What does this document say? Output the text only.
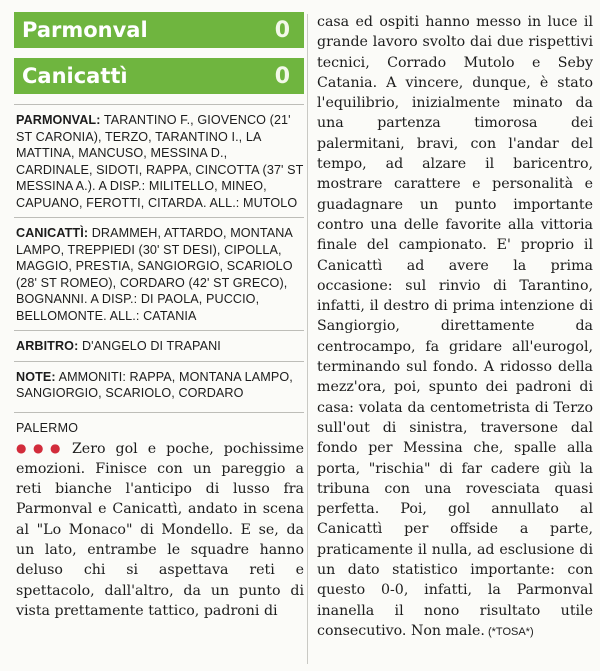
Parmonval	0
Canicattì	0
PARMONVAL: TARANTINO F., GIOVENCO (21' ST CARONIA), TERZO, TARANTINO I., LA MATTINA, MANCUSO, MESSINA D., CARDINALE, SIDOTI, RAPPA, CINCOTTA (37' ST MESSINA A.). A DISP.: MILITELLO, MINEO, CAPUANO, FEROTTI, CITARDA. ALL.: MUTOLO
CANICATTÌ: DRAMMEH, ATTARDO, MONTANA LAMPO, TREPPIEDI (30' ST DESI), CIPOLLA, MAGGIO, PRESTIA, SANGIORGIO, SCARIOLO (28' ST ROMEO), CORDARO (42' ST GRECO), BOGNANNI. A DISP.: DI PAOLA, PUCCIO, BELLOMONTE. ALL.: CATANIA
ARBITRO: D'ANGELO DI TRAPANI
NOTE: AMMONITI: RAPPA, MONTANA LAMPO, SANGIORGIO, SCARIOLO, CORDARO
PALERMO
●●● Zero gol e poche, pochissime emozioni. Finisce con un pareggio a reti bianche l'anticipo di lusso fra Parmonval e Canicattì, andato in scena al "Lo Monaco" di Mondello. E se, da un lato, entrambe le squadre hanno deluso chi si aspettava reti e spettacolo, dall'altro, da un punto di vista prettamente tattico, padroni di
casa ed ospiti hanno messo in luce il grande lavoro svolto dai due rispettivi tecnici, Corrado Mutolo e Seby Catania. A vincere, dunque, è stato l'equilibrio, inizialmente minato da una partenza timorosa dei palermitani, bravi, con l'andar del tempo, ad alzare il baricentro, mostrare carattere e personalità e guadagnare un punto importante contro una delle favorite alla vittoria finale del campionato. E' proprio il Canicattì ad avere la prima occasione: sul rinvio di Tarantino, infatti, il destro di prima intenzione di Sangiorgio, direttamente da centrocampo, fa gridare all'eurogol, terminando sul fondo. A ridosso della mezz'ora, poi, spunto dei padroni di casa: volata da centometrista di Terzo sull'out di sinistra, traversone dal fondo per Messina che, spalle alla porta, "rischia" di far cadere giù la tribuna con una rovesciata quasi perfetta. Poi, gol annullato al Canicattì per offside a parte, praticamente il nulla, ad esclusione di un dato statistico importante: con questo 0-0, infatti, la Parmonval inanella il nono risultato utile consecutivo. Non male. (*TOSA*)
